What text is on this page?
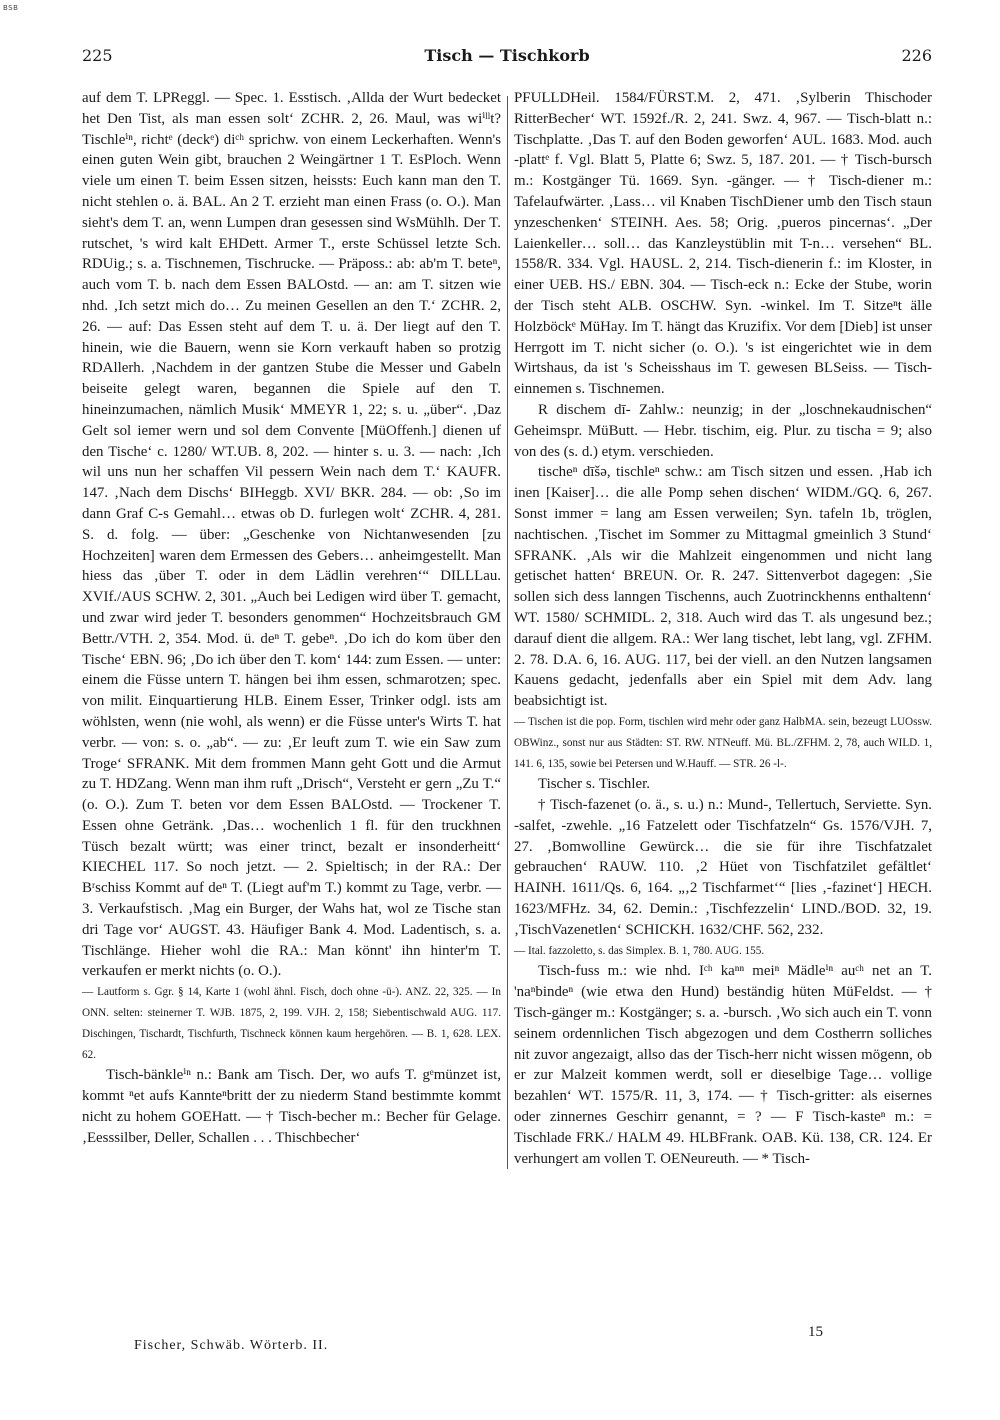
BSB
225	Tisch — Tischkorb	226

auf dem T. LPReggl. — Spec. 1. Esstisch. ‚Allda der Wurt bedecket het Den Tist, als man essen solt‘ ZCHR. 2, 26. Maul, was wiⁱˡˡt? Tischleⁱⁿ, richtᵉ (deckᵉ) diᶜʰ sprichw. von einem Leckerhaften. Wenn's einen guten Wein gibt, brauchen 2 Weingärtner 1 T. EsPloch. Wenn viele um einen T. beim Essen sitzen, heissts: Euch kann man den T. nicht stehlen o. ä. BAL. An 2 T. erzieht man einen Frass (o. O.). Man sieht's dem T. an, wenn Lumpen dran gesessen sind WsMühlh. Der T. rutschet, 's wird kalt EHDett. Armer T., erste Schüssel letzte Sch. RDUig.; s. a. Tischnemen, Tischrucke. — Präposs.: ab: ab'm T. beteⁿ, auch vom T. b. nach dem Essen BALOstd. — an: am T. sitzen wie nhd. ‚Ich setzt mich do… Zu meinen Gesellen an den T.‘ ZCHR. 2, 26. — auf: Das Essen steht auf dem T. u. ä. Der liegt auf den T. hinein, wie die Bauern, wenn sie Korn verkauft haben so protzig RDAllerh. ‚Nachdem in der gantzen Stube die Messer und Gabeln beiseite gelegt waren, begannen die Spiele auf den T. hineinzumachen, nämlich Musik‘ MMEYR 1, 22; s. u. „über“. ‚Daz Gelt sol iemer wern und sol dem Convente [MüOffenh.] dienen uf den Tische‘ c. 1280/ WT.UB. 8, 202. — hinter s. u. 3. — nach: ‚Ich wil uns nun her schaffen Vil pessern Wein nach dem T.‘ KAUFR. 147. ‚Nach dem Dischs‘ BIHeggb. XVI/ BKR. 284. — ob: ‚So im dann Graf C-s Gemahl… etwas ob D. furlegen wolt‘ ZCHR. 4, 281. S. d. folg. — über: „Geschenke von Nichtanwesenden [zu Hochzeiten] waren dem Ermessen des Gebers… anheimgestellt. Man hiess das ‚über T. oder in dem Lädlin verehren‘“ DILLLau. XVIf./AUS SCHW. 2, 301. „Auch bei Ledigen wird über T. gemacht, und zwar wird jeder T. besonders genommen“ Hochzeitsbrauch GM Bettr./VTH. 2, 354. Mod. ü. deⁿ T. gebeⁿ. ‚Do ich do kom über den Tische‘ EBN. 96; ‚Do ich über den T. kom‘ 144: zum Essen. — unter: einem die Füsse untern T. hängen bei ihm essen, schmarotzen; spec. von milit. Einquartierung HLB. Einem Esser, Trinker odgl. ists am wöhlsten, wenn (nie wohl, als wenn) er die Füsse unter's Wirts T. hat verbr. — von: s. o. „ab“. — zu: ‚Er leuft zum T. wie ein Saw zum Troge‘ SFRANK. Mit dem frommen Mann geht Gott und die Armut zu T. HDZang. Wenn man ihm ruft „Drisch“, Versteht er gern „Zu T.“ (o. O.). Zum T. beten vor dem Essen BALOstd. — Trockener T. Essen ohne Getränk. ‚Das… wochenlich 1 fl. für den truckhnen Tüsch bezalt württ; was einer trinct, bezalt er insonderheitt‘ KIECHEL 117. So noch jetzt. — 2. Spieltisch; in der RA.: Der Bʳschiss Kommt auf deⁿ T. (Liegt auf'm T.) kommt zu Tage, verbr. — 3. Verkaufstisch. ‚Mag ein Burger, der Wahs hat, wol ze Tische stan dri Tage vor‘ AUGST. 43. Häufiger Bank 4. Mod. Ladentisch, s. a. Tischlänge. Hieher wohl die RA.: Man könnt' ihn hinter'm T. verkaufen er merkt nichts (o. O.).

— Lautform s. Ggr. § 14, Karte 1 (wohl ähnl. Fisch, doch ohne -ü-). ANZ. 22, 325. — In ONN. selten: steinerner T. WJB. 1875, 2, 199. VJH. 2, 158; Siebentischwald AUG. 117. Dischingen, Tischardt, Tischfurth, Tischneck können kaum hergehören. — B. 1, 628. LEX. 62.

Tisch-bänkleⁱⁿ n.: Bank am Tisch. Der, wo aufs T. gᵉmünzet ist, kommt ⁿet aufs Kannteⁿbritt der zu niederm Stand bestimmte kommt nicht zu hohem GOEHatt. — † Tisch-becher m.: Becher für Gelage. ‚Eesssilber, Deller, Schallen . . . Thischbecher‘

PFULLDHeil. 1584/FÜRST.M. 2, 471. ‚Sylberin Thischoder RitterBecher‘ WT. 1592f./R. 2, 241. Swz. 4, 967. — Tisch-blatt n.: Tischplatte. ‚Das T. auf den Boden geworfen‘ AUL. 1683. Mod. auch -plattᵉ f. Vgl. Blatt 5, Platte 6; Swz. 5, 187. 201. — † Tisch-bursch m.: Kostgänger Tü. 1669. Syn. -gänger. — † Tisch-diener m.: Tafelaufwärter. ‚Lass… vil Knaben TischDiener umb den Tisch staun ynzeschenken‘ STEINH. Aes. 58; Orig. ‚pueros pincernas‘. „Der Laienkeller… soll… das Kanzleystüblin mit T-n… versehen“ BL. 1558/R. 334. Vgl. HAUSL. 2, 214. Tisch-dienerin f.: im Kloster, in einer UEB. HS./ EBN. 304. — Tisch-eck n.: Ecke der Stube, worin der Tisch steht ALB. OSCHW. Syn. -winkel. Im T. Sitzeⁿt älle Holzböckᵉ MüHay. Im T. hängt das Kruzifix. Vor dem [Dieb] ist unser Herrgott im T. nicht sicher (o. O.). 's ist eingerichtet wie in dem Wirtshaus, da ist 's Scheisshaus im T. gewesen BLSeiss. — Tisch-einnemen s. Tischnemen.

R dischem dī- Zahlw.: neunzig; in der „loschnekaudnischen“ Geheimspr. MüButt. — Hebr. tischim, eig. Plur. zu tischa = 9; also von des (s. d.) etym. verschieden.

tischeⁿ dīšə, tischleⁿ schw.: am Tisch sitzen und essen. ‚Hab ich inen [Kaiser]… die alle Pomp sehen dischen‘ WIDM./GQ. 6, 267. Sonst immer = lang am Essen verweilen; Syn. tafeln 1b, tröglen, nachtischen. ‚Tischet im Sommer zu Mittagmal gmeinlich 3 Stund‘ SFRANK. ‚Als wir die Mahlzeit eingenommen und nicht lang getischet hatten‘ BREUN. Or. R. 247. Sittenverbot dagegen: ‚Sie sollen sich dess lanngen Tischenns, auch Zuotrinckhenns enthaltenn‘ WT. 1580/ SCHMIDL. 2, 318. Auch wird das T. als ungesund bez.; darauf dient die allgem. RA.: Wer lang tischet, lebt lang, vgl. ZFHM. 2. 78. D.A. 6, 16. AUG. 117, bei der viell. an den Nutzen langsamen Kauens gedacht, jedenfalls aber ein Spiel mit dem Adv. lang beabsichtigt ist.

— Tischen ist die pop. Form, tischlen wird mehr oder ganz HalbMA. sein, bezeugt LUOssw. OBWinz., sonst nur aus Städten: ST. RW. NTNeuff. Mü. BL./ZFHM. 2, 78, auch WILD. 1, 141. 6, 135, sowie bei Petersen und W.Hauff. — STR. 26 -l-.

Tischer s. Tischler.

† Tisch-fazenet (o. ä., s. u.) n.: Mund-, Tellertuch, Serviette. Syn. -salfet, -zwehle. „16 Fatzelett oder Tischfatzeln“ Gs. 1576/VJH. 7, 27. ‚Bomwolline Gewürck… die sie für ihre Tischfatzalet gebrauchen‘ RAUW. 110. ‚2 Hüet von Tischfatzilet gefältlet‘ HAINH. 1611/Qs. 6, 164. „‚2 Tischfarmet‘“ [lies ‚-fazinet‘] HECH. 1623/MFHz. 34, 62. Demin.: ‚Tischfezzelin‘ LIND./BOD. 32, 19. ‚TischVazenetlen‘ SCHICKH. 1632/CHF. 562, 232.

— Ital. fazzoletto, s. das Simplex. B. 1, 780. AUG. 155.

Tisch-fuss m.: wie nhd. Iᶜʰ kaⁿⁿ meiⁿ Mädleⁱⁿ auᶜʰ net an T. 'naⁿbindeⁿ (wie etwa den Hund) beständig hüten MüFeldst. — † Tisch-gänger m.: Kostgänger; s. a. -bursch. ‚Wo sich auch ein T. vonn seinem ordennlichen Tisch abgezogen und dem Costherrn solliches nit zuvor angezaigt, allso das der Tisch-herr nicht wissen mögenn, ob er zur Malzeit kommen werdt, soll er dieselbige Tage… vollige bezahlen‘ WT. 1575/R. 11, 3, 174. — † Tisch-gritter: als eisernes oder zinnernes Geschirr genannt, = ? — F Tisch-kasteⁿ m.: = Tischlade FRK./ HALM 49. HLBFrank. OAB. Kü. 138, CR. 124. Er verhungert am vollen T. OENeureuth. — * Tisch-

Fischer, Schwäb. Wörterb. II.
15
